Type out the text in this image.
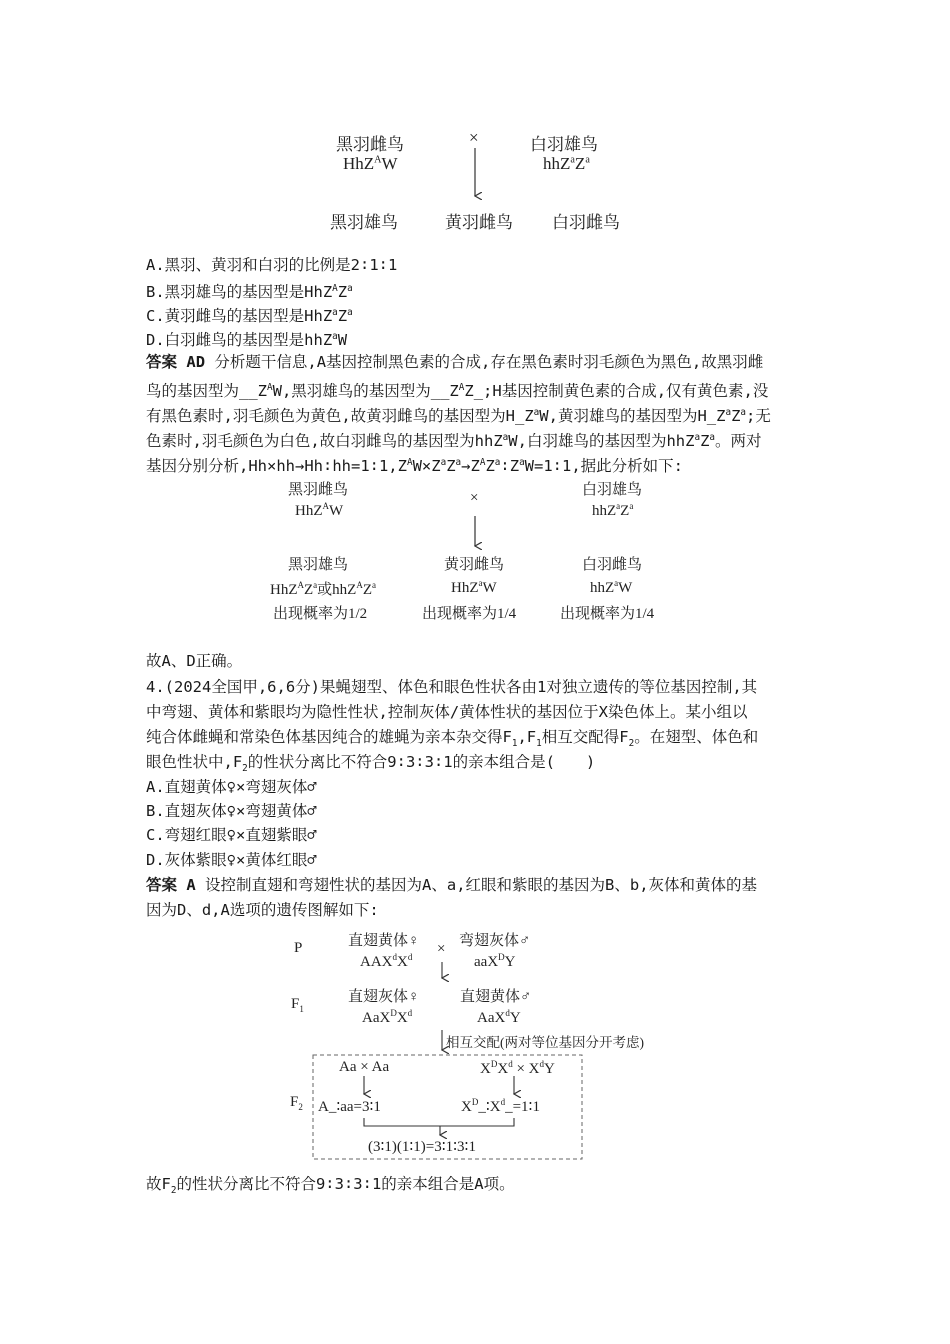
黑羽雌鸟
HhZ$^A$W
×	白羽雄鸟
$hhZ^aZ^a$
黑羽雄鸟	黄羽雌鸟 白羽雌鸟
A.黑羽、黄羽和白羽的比例是2∶1∶1
B.黑羽雄鸟的基因型是$HhZ^AZ^a$
C.黄羽雌鸟的基因型是$HhZ^aZ^a$
D.白羽雌鸟的基因型是hhZ$^a$W
答案 AD 分析题干信息,A基因控制黑色素的合成,存在黑色素时羽毛颜色为黑色,故黑羽雌
鸟的基因型为$\_\_Z^AW$,黑羽雄鸟的基因型为$\_\_Z^AZ\_;H$基因控制黄色素的合成,仅有黄色素,没
有黑色素时,羽毛颜色为黄色,故黄羽雌鸟的基因型为$H\_Z^aW$,黄羽雄鸟的基因型为$H\_Z^aZ^a$;无
色素时,羽毛颜色为白色,故白羽雌鸟的基因型为hhZ$^a$W,白羽雄鸟的基因型为$hhZ^aZ^a$。两对
基因分别分析$,Hh\times hh\to Hh∶hh=1∶1,Z^AW\times Z^aZ^a\to Z^AZ^a∶Z^aW=1∶1$,据此分析如下:
黑羽雌鸟
HhZ$^A$W
×	白羽雄鸟
$hhZ^aZ^a$
黑羽雄鸟
$HhZ^AZ^a$或$hhZ^AZ^a$
出现概率为1/2
黄羽雌鸟
HhZ$^a$W
出现概率为1/4
白羽雌鸟
hhZ$^a$W
出现概率为1/4
故A、D正确。
4.(2024全国甲,6,6分)果蝇翅型、体色和眼色性状各由1对独立遗传的等位基因控制,其
中弯翅、黄体和紫眼均为隐性性状,控制灰体/黄体性状的基因位于X染色体上。某小组以
纯合体雌蝇和常染色体基因纯合的雄蝇为亲本杂交得$F_1,F_1$相互交配得$F_2$。在翅型、体色和
眼色性状中$,F_2$的性状分离比不符合9∶3∶3∶1的亲本组合是(　　)
A.直翅黄体♀×弯翅灰体♂
B.直翅灰体♀×弯翅黄体♂
C.弯翅红眼♀×直翅紫眼♂
D.灰体紫眼♀×黄体红眼♂
答案 A 设控制直翅和弯翅性状的基因为A、a,红眼和紫眼的基因为B、b,灰体和黄体的基
因为D、d,A选项的遗传图解如下:
P	直翅黄体♀
$AAX^dX^d$ × 弯翅灰体♂
aaX$^D$Y
$F_1$
直翅灰体♀
$AaX^DX^d$
直翅黄体♂
AaX$^d$Y
相互交配(两对等位基因分开考虑)
$F_2$
Aa × Aa
A_∶aa=3∶1
$X^DX^d \times X^dY$
$X^D\_∶X^d\_=1∶1$
(3∶1)(1∶1)=3∶1∶3∶1
故$F_2$的性状分离比不符合9∶3∶3∶1的亲本组合是A项。
